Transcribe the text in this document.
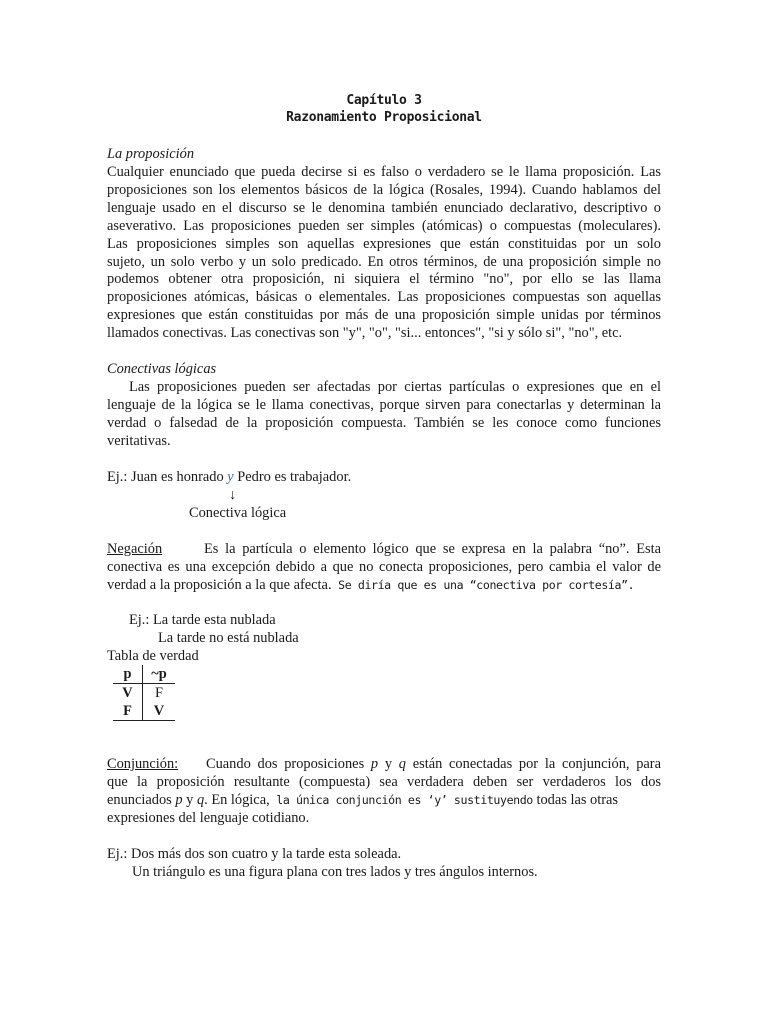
Capítulo 3
Razonamiento Proposicional
La proposición
Cualquier enunciado que pueda decirse si es falso o verdadero se le llama proposición. Las
proposiciones son los elementos básicos de la lógica (Rosales, 1994). Cuando hablamos del
lenguaje usado en el discurso se le denomina también enunciado declarativo, descriptivo o
aseverativo. Las proposiciones pueden ser simples (atómicas) o compuestas (moleculares).
Las proposiciones simples son aquellas expresiones que están constituidas por un solo
sujeto, un solo verbo y un solo predicado. En otros términos, de una proposición simple no
podemos obtener otra proposición, ni siquiera el término "no", por ello se las llama
proposiciones atómicas, básicas o elementales. Las proposiciones compuestas son aquellas
expresiones que están constituidas por más de una proposición simple unidas por términos
llamados conectivas. Las conectivas son "y", "o", "si... entonces", "si y sólo si", "no", etc.
Conectivas lógicas
Las proposiciones pueden ser afectadas por ciertas partículas o expresiones que en el
lenguaje de la lógica se le llama conectivas, porque sirven para conectarlas y determinan la
verdad o falsedad de la proposición compuesta. También se les conoce como funciones
veritativas.
Ej.: Juan es honrado y Pedro es trabajador.
↓
Conectiva lógica
Negación	Es la partícula o elemento lógico que se expresa en la palabra “no”. Esta
conectiva es una excepción debido a que no conecta proposiciones, pero cambia el valor de
verdad a la proposición a la que afecta. Se diría que es una “conectiva por cortesía”.
Ej.: La tarde esta nublada
La tarde no está nublada
Tabla de verdad
p	~p
V	F
F	V
Conjunción: Cuando dos proposiciones p y q están conectadas por la conjunción, para
que la proposición resultante (compuesta) sea verdadera deben ser verdaderos los dos
enunciados p y q. En lógica, la única conjunción es ‘y’ sustituyendo todas las otras
expresiones del lenguaje cotidiano.
Ej.: Dos más dos son cuatro y la tarde esta soleada.
Un triángulo es una figura plana con tres lados y tres ángulos internos.
